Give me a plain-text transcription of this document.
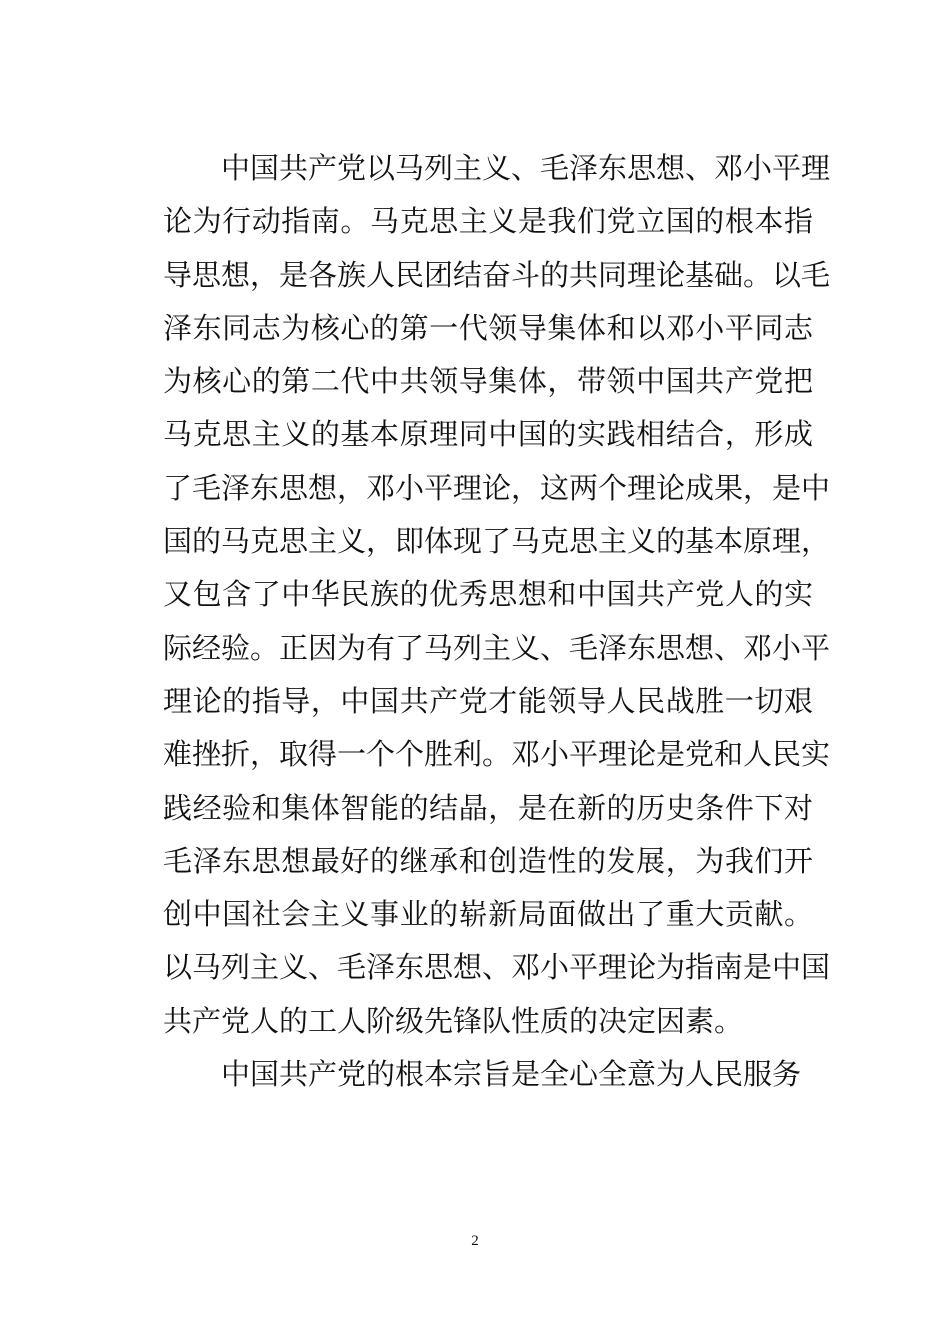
中国共产党以马列主义、毛泽东思想、邓小平理
论为行动指南。马克思主义是我们党立国的根本指
导思想，是各族人民团结奋斗的共同理论基础。以毛
泽东同志为核心的第一代领导集体和以邓小平同志
为核心的第二代中共领导集体，带领中国共产党把
马克思主义的基本原理同中国的实践相结合，形成
了毛泽东思想，邓小平理论，这两个理论成果，是中
国的马克思主义，即体现了马克思主义的基本原理，
又包含了中华民族的优秀思想和中国共产党人的实
际经验。正因为有了马列主义、毛泽东思想、邓小平
理论的指导，中国共产党才能领导人民战胜一切艰
难挫折，取得一个个胜利。邓小平理论是党和人民实
践经验和集体智能的结晶，是在新的历史条件下对
毛泽东思想最好的继承和创造性的发展，为我们开
创中国社会主义事业的崭新局面做出了重大贡献。
以马列主义、毛泽东思想、邓小平理论为指南是中国
共产党人的工人阶级先锋队性质的决定因素。
中国共产党的根本宗旨是全心全意为人民服务
2
